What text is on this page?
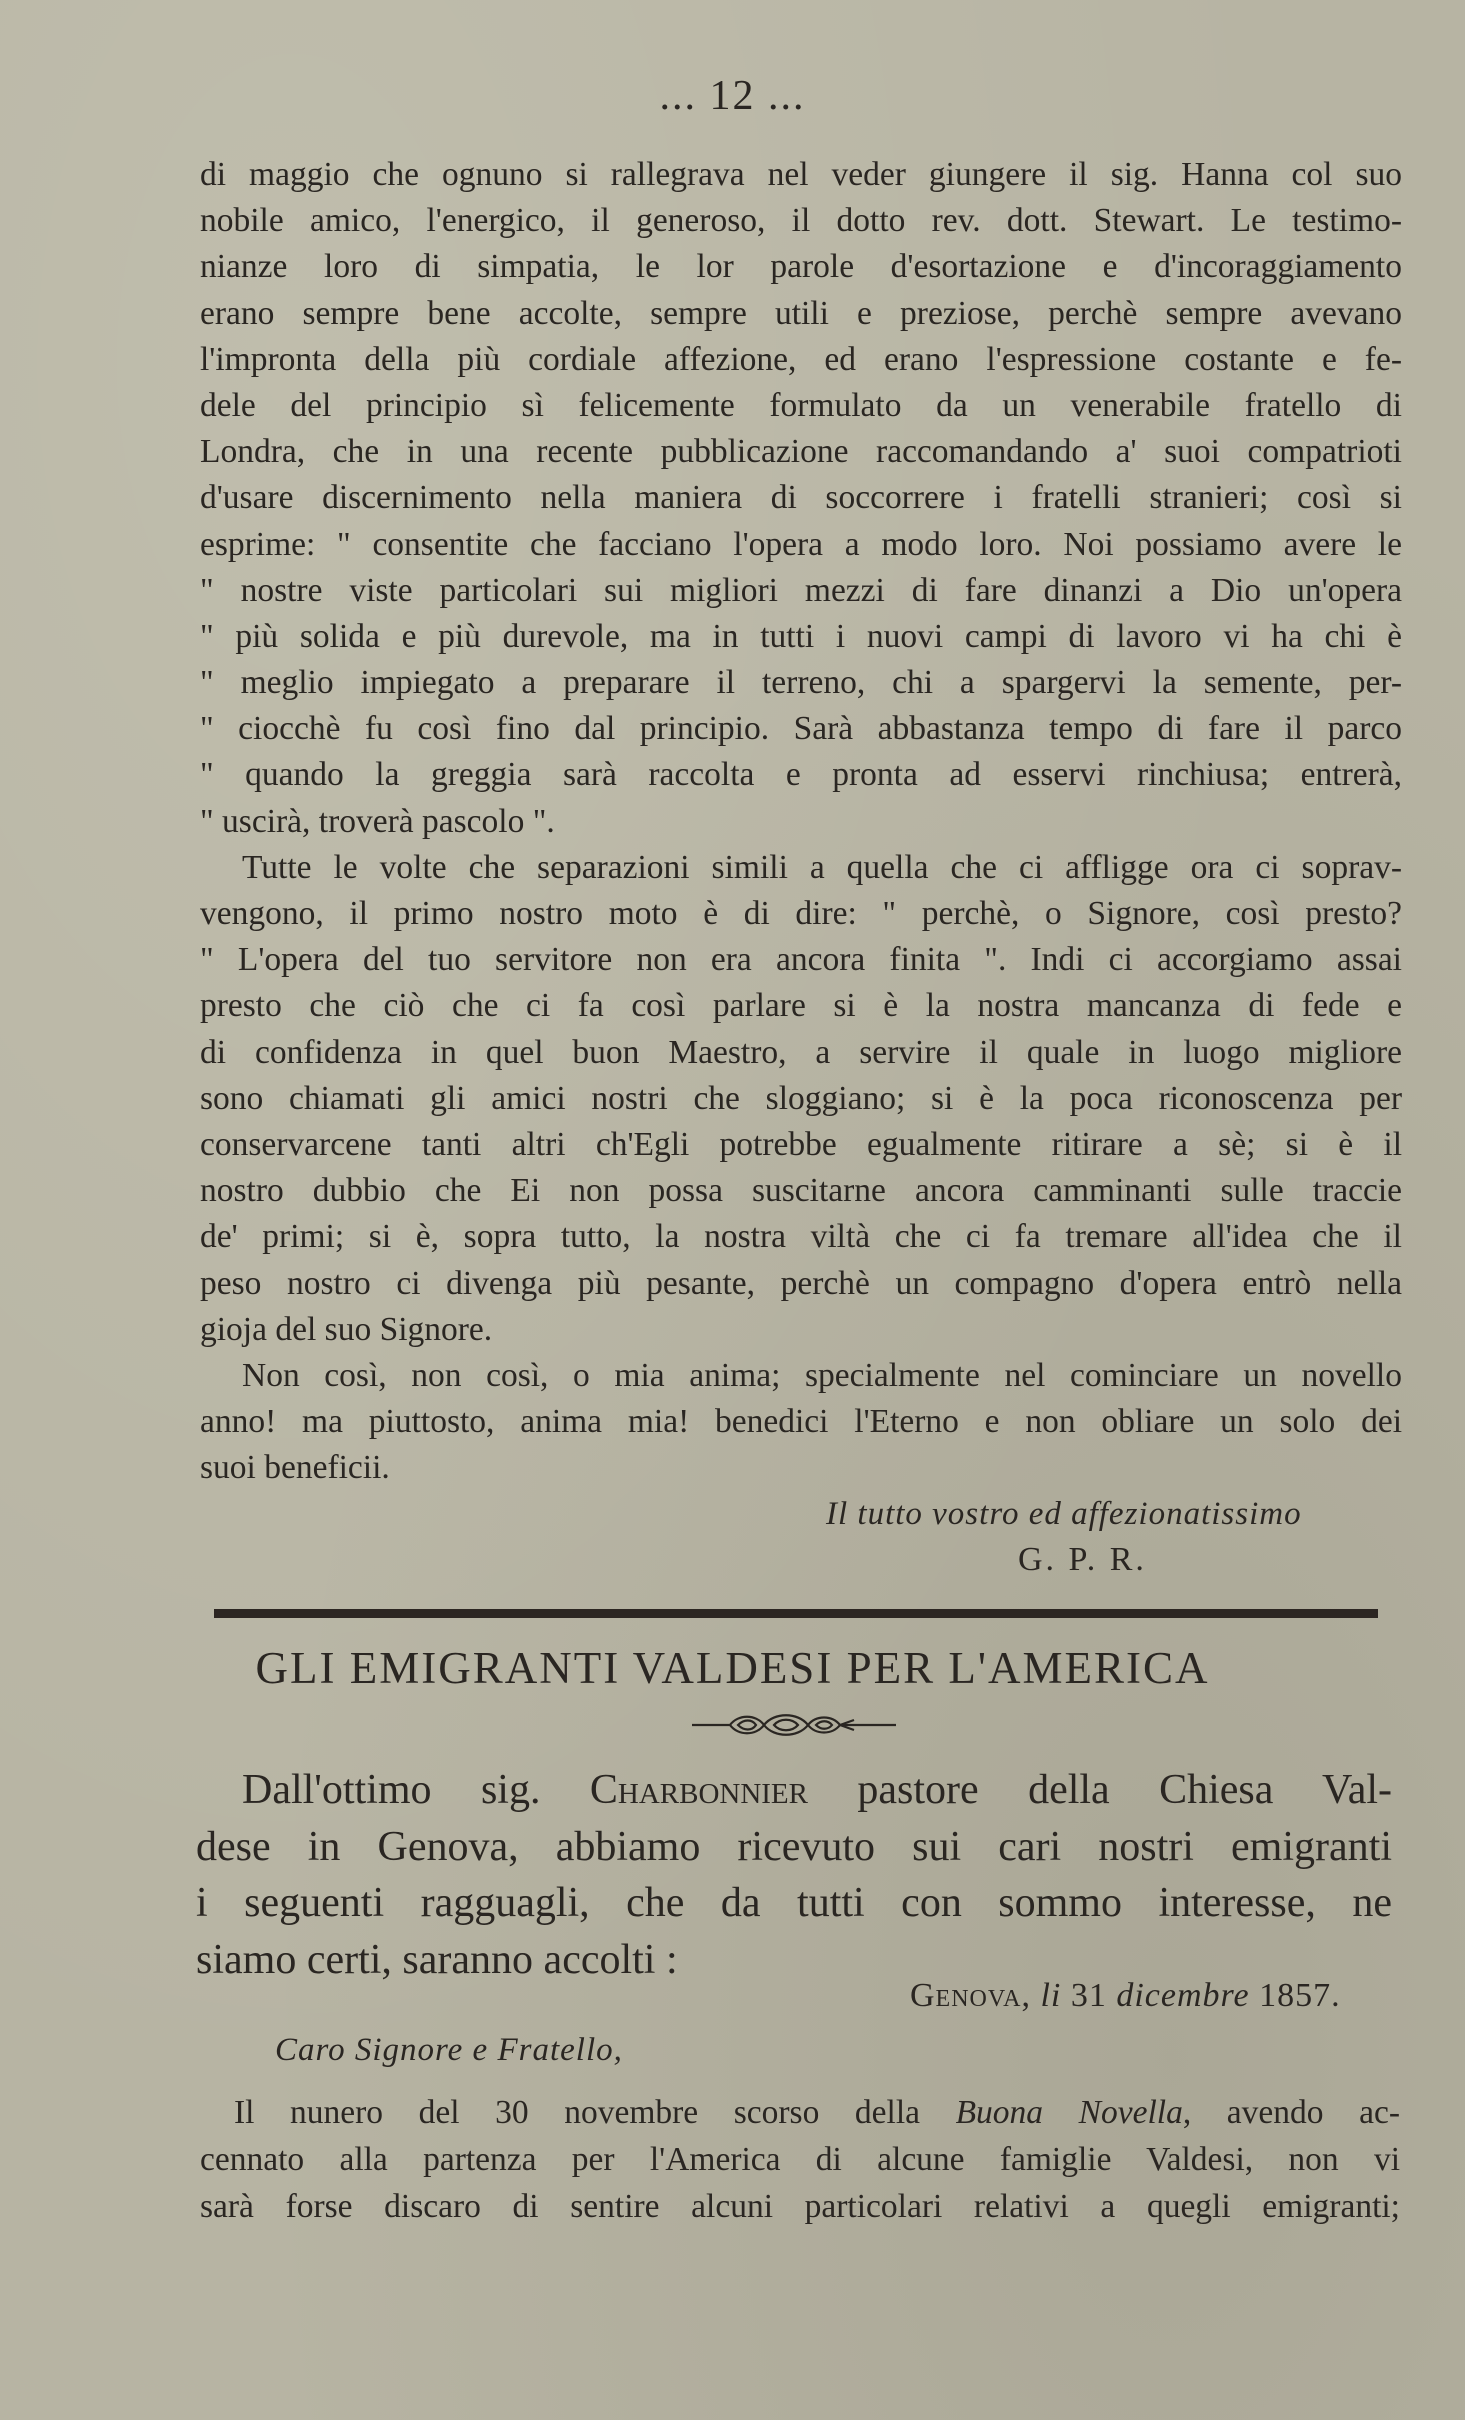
... 12 ...
di maggio che ognuno si rallegrava nel veder giungere il sig. Hanna col suo
nobile amico, l'energico, il generoso, il dotto rev. dott. Stewart. Le testimo-
nianze loro di simpatia, le lor parole d'esortazione e d'incoraggiamento
erano sempre bene accolte, sempre utili e preziose, perchè sempre avevano
l'impronta della più cordiale affezione, ed erano l'espressione costante e fe-
dele del principio sì felicemente formulato da un venerabile fratello di
Londra, che in una recente pubblicazione raccomandando a' suoi compatrioti
d'usare discernimento nella maniera di soccorrere i fratelli stranieri; così si
esprime: " consentite che facciano l'opera a modo loro. Noi possiamo avere le
" nostre viste particolari sui migliori mezzi di fare dinanzi a Dio un'opera
" più solida e più durevole, ma in tutti i nuovi campi di lavoro vi ha chi è
" meglio impiegato a preparare il terreno, chi a spargervi la semente, per-
" ciocchè fu così fino dal principio. Sarà abbastanza tempo di fare il parco
" quando la greggia sarà raccolta e pronta ad esservi rinchiusa; entrerà,
" uscirà, troverà pascolo ".
Tutte le volte che separazioni simili a quella che ci affligge ora ci soprav-
vengono, il primo nostro moto è di dire: " perchè, o Signore, così presto?
" L'opera del tuo servitore non era ancora finita ". Indi ci accorgiamo assai
presto che ciò che ci fa così parlare si è la nostra mancanza di fede e
di confidenza in quel buon Maestro, a servire il quale in luogo migliore
sono chiamati gli amici nostri che sloggiano; si è la poca riconoscenza per
conservarcene tanti altri ch'Egli potrebbe egualmente ritirare a sè; si è il
nostro dubbio che Ei non possa suscitarne ancora camminanti sulle traccie
de' primi; si è, sopra tutto, la nostra viltà che ci fa tremare all'idea che il
peso nostro ci divenga più pesante, perchè un compagno d'opera entrò nella
gioja del suo Signore.
Non così, non così, o mia anima; specialmente nel cominciare un novello
anno! ma piuttosto, anima mia! benedici l'Eterno e non obliare un solo dei
suoi beneficii.
Il tutto vostro ed affezionatissimo
G. P. R.
GLI EMIGRANTI VALDESI PER L'AMERICA
Dall'ottimo sig. Charbonnier pastore della Chiesa Val-
dese in Genova, abbiamo ricevuto sui cari nostri emigranti
i seguenti ragguagli, che da tutti con sommo interesse, ne
siamo certi, saranno accolti :
Genova, li 31 dicembre 1857.
Caro Signore e Fratello,
Il nunero del 30 novembre scorso della Buona Novella, avendo ac-
cennato alla partenza per l'America di alcune famiglie Valdesi, non vi
sarà forse discaro di sentire alcuni particolari relativi a quegli emigranti;
